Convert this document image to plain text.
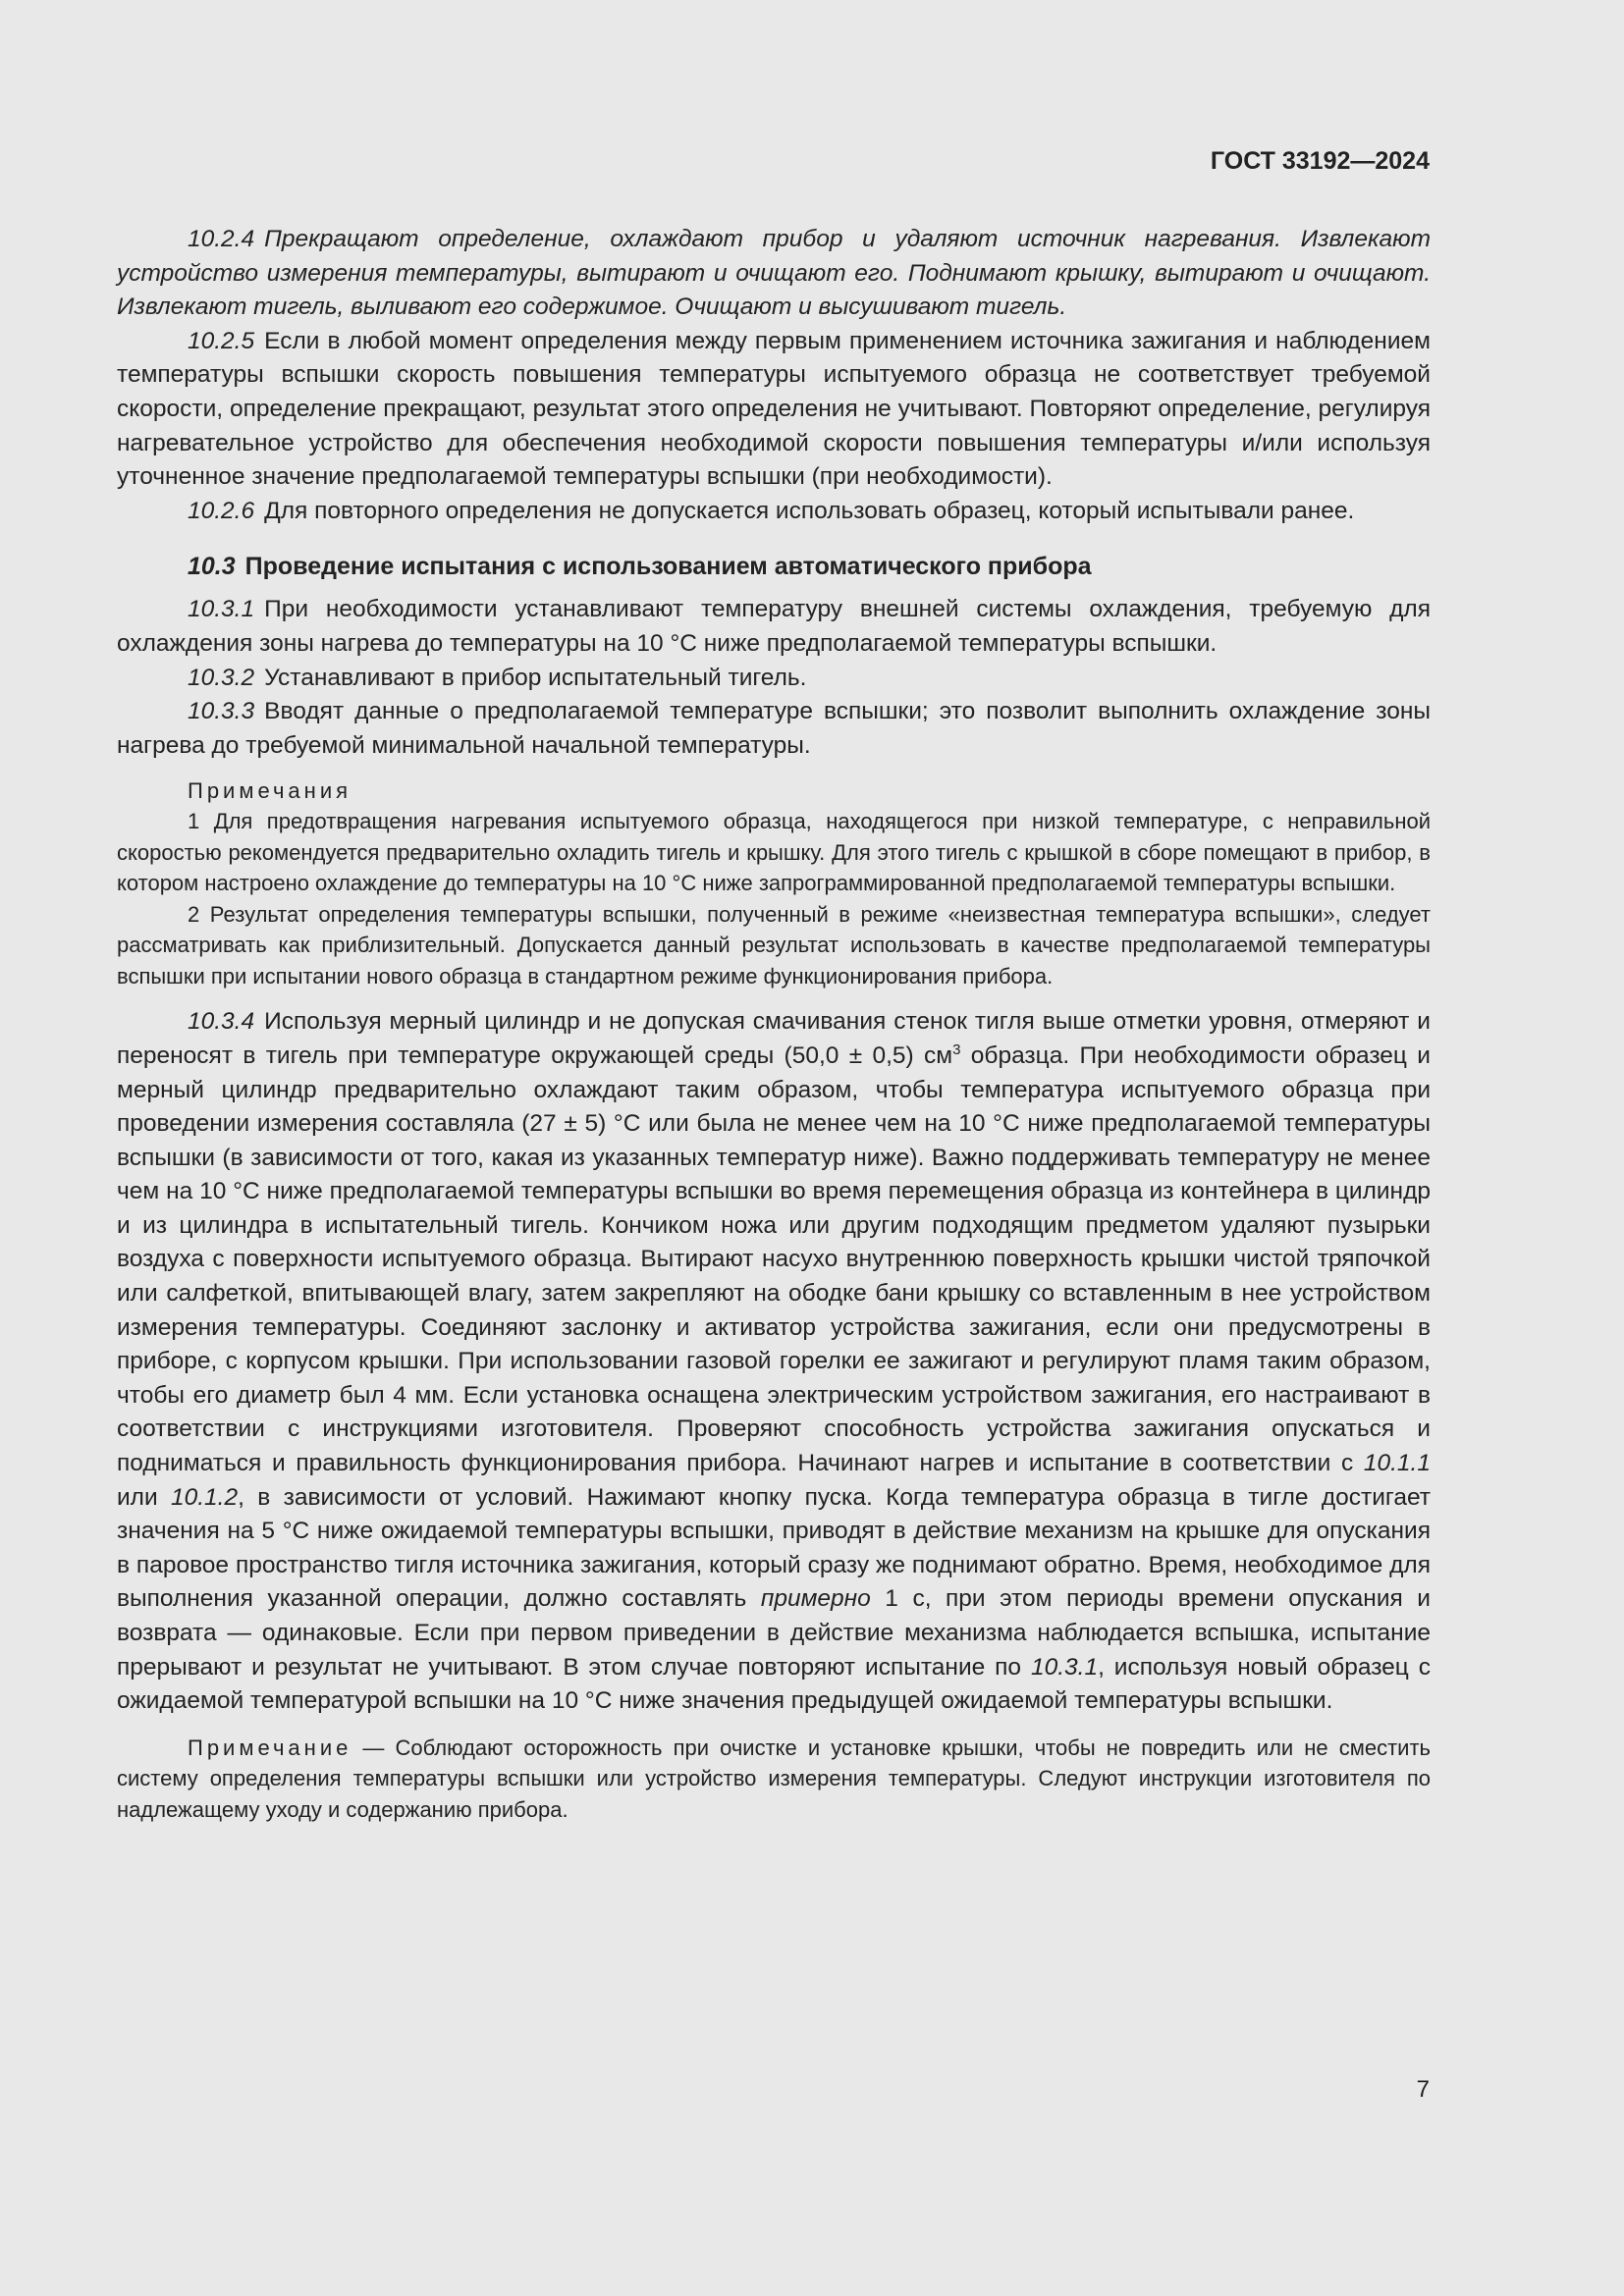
ГОСТ 33192—2024

10.2.4 Прекращают определение, охлаждают прибор и удаляют источник нагревания. Извлекают устройство измерения температуры, вытирают и очищают его. Поднимают крышку, вытирают и очищают. Извлекают тигель, выливают его содержимое. Очищают и высушивают тигель.

10.2.5 Если в любой момент определения между первым применением источника зажигания и наблюдением температуры вспышки скорость повышения температуры испытуемого образца не соответствует требуемой скорости, определение прекращают, результат этого определения не учитывают. Повторяют определение, регулируя нагревательное устройство для обеспечения необходимой скорости повышения температуры и/или используя уточненное значение предполагаемой температуры вспышки (при необходимости).

10.2.6 Для повторного определения не допускается использовать образец, который испытывали ранее.

10.3 Проведение испытания с использованием автоматического прибора

10.3.1 При необходимости устанавливают температуру внешней системы охлаждения, требуемую для охлаждения зоны нагрева до температуры на 10 °С ниже предполагаемой температуры вспышки.

10.3.2 Устанавливают в прибор испытательный тигель.

10.3.3 Вводят данные о предполагаемой температуре вспышки; это позволит выполнить охлаждение зоны нагрева до требуемой минимальной начальной температуры.

Примечания

1 Для предотвращения нагревания испытуемого образца, находящегося при низкой температуре, с неправильной скоростью рекомендуется предварительно охладить тигель и крышку. Для этого тигель с крышкой в сборе помещают в прибор, в котором настроено охлаждение до температуры на 10 °С ниже запрограммированной предполагаемой температуры вспышки.

2 Результат определения температуры вспышки, полученный в режиме «неизвестная температура вспышки», следует рассматривать как приблизительный. Допускается данный результат использовать в качестве предполагаемой температуры вспышки при испытании нового образца в стандартном режиме функционирования прибора.

10.3.4 Используя мерный цилиндр и не допуская смачивания стенок тигля выше отметки уровня, отмеряют и переносят в тигель при температуре окружающей среды (50,0 ± 0,5) $см^3$ образца. При необходимости образец и мерный цилиндр предварительно охлаждают таким образом, чтобы температура испытуемого образца при проведении измерения составляла (27 ± 5) °С или была не менее чем на 10 °С ниже предполагаемой температуры вспышки (в зависимости от того, какая из указанных температур ниже). Важно поддерживать температуру не менее чем на 10 °С ниже предполагаемой температуры вспышки во время перемещения образца из контейнера в цилиндр и из цилиндра в испытательный тигель. Кончиком ножа или другим подходящим предметом удаляют пузырьки воздуха с поверхности испытуемого образца. Вытирают насухо внутреннюю поверхность крышки чистой тряпочкой или салфеткой, впитывающей влагу, затем закрепляют на ободке бани крышку со вставленным в нее устройством измерения температуры. Соединяют заслонку и активатор устройства зажигания, если они предусмотрены в приборе, с корпусом крышки. При использовании газовой горелки ее зажигают и регулируют пламя таким образом, чтобы его диаметр был 4 мм. Если установка оснащена электрическим устройством зажигания, его настраивают в соответствии с инструкциями изготовителя. Проверяют способность устройства зажигания опускаться и подниматься и правильность функционирования прибора. Начинают нагрев и испытание в соответствии с 10.1.1 или 10.1.2, в зависимости от условий. Нажимают кнопку пуска. Когда температура образца в тигле достигает значения на 5 °С ниже ожидаемой температуры вспышки, приводят в действие механизм на крышке для опускания в паровое пространство тигля источника зажигания, который сразу же поднимают обратно. Время, необходимое для выполнения указанной операции, должно составлять примерно 1 с, при этом периоды времени опускания и возврата — одинаковые. Если при первом приведении в действие механизма наблюдается вспышка, испытание прерывают и результат не учитывают. В этом случае повторяют испытание по 10.3.1, используя новый образец с ожидаемой температурой вспышки на 10 °С ниже значения предыдущей ожидаемой температуры вспышки.

Примечание — Соблюдают осторожность при очистке и установке крышки, чтобы не повредить или не сместить систему определения температуры вспышки или устройство измерения температуры. Следуют инструкции изготовителя по надлежащему уходу и содержанию прибора.

7
